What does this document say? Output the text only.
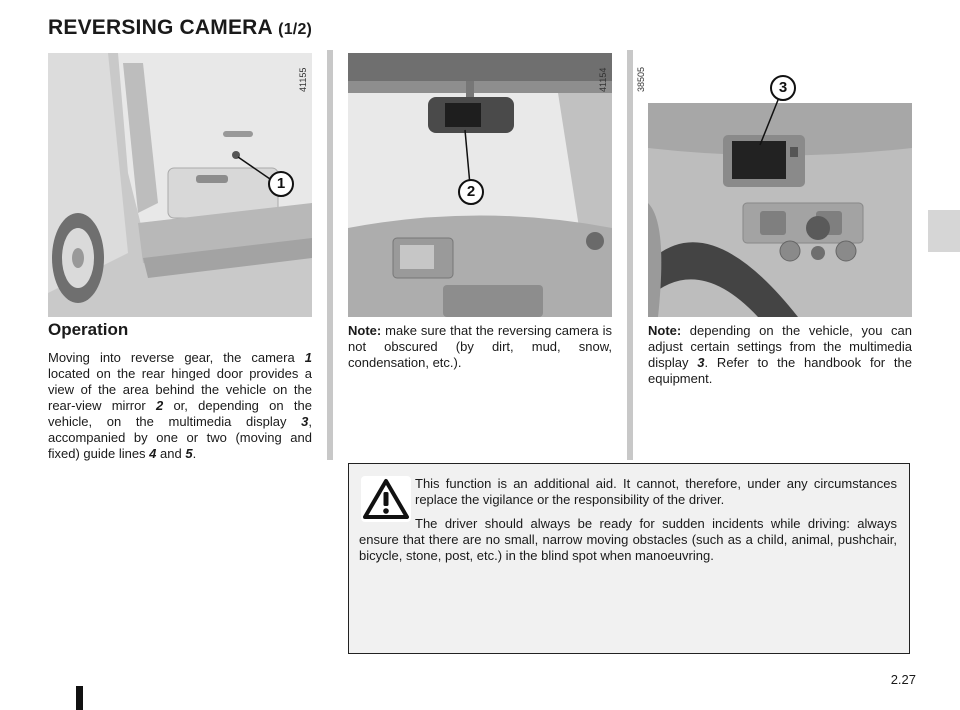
REVERSING CAMERA (1/2)
1
41155
2
41154	3
38505
Operation
Moving into reverse gear, the camera 1 located on the rear hinged door provides a view of the area behind the vehicle on the rear-view mirror 2 or, depending on the vehicle, on the multimedia display 3, accompanied by one or two (moving and fixed) guide lines 4 and 5.
Note: make sure that the reversing camera is not obscured (by dirt, mud, snow, condensation, etc.).
Note: depending on the vehicle, you can adjust certain settings from the multimedia display 3. Refer to the handbook for the equipment.
This function is an additional aid. It cannot, therefore, under any circumstances replace the vigilance or the responsibility of the driver.
The driver should always be ready for sudden incidents while driving: always ensure that there are no small, narrow moving obstacles (such as a child, animal, pushchair, bicycle, stone, post, etc.) in the blind spot when manoeuvring.
2.27
